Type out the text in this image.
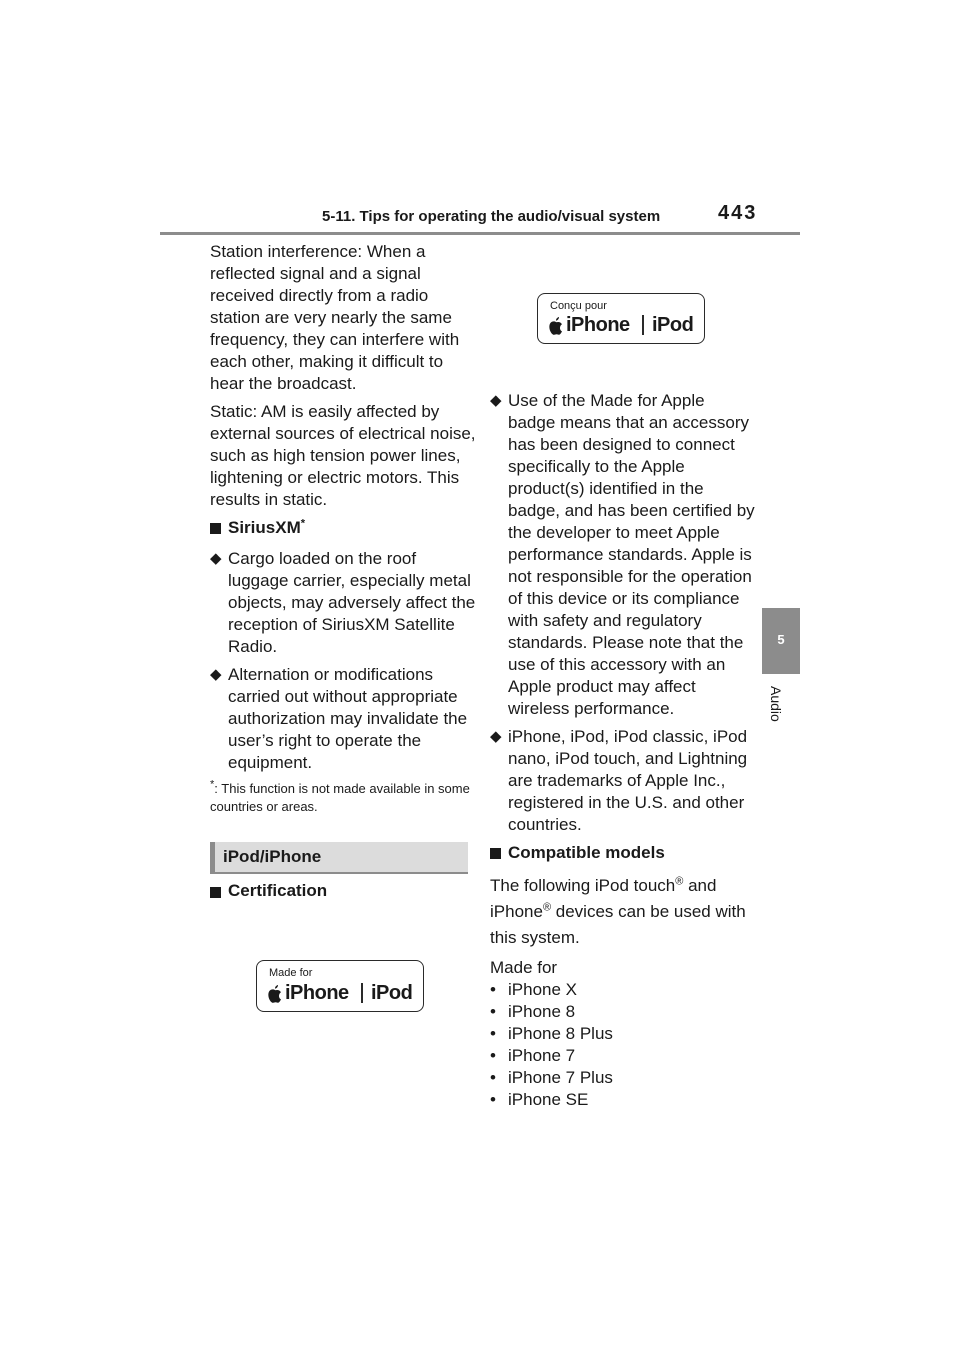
5-11. Tips for operating the audio/visual system	443
5
Audio

Station interference: When a reflected signal and a signal received directly from a radio station are very nearly the same frequency, they can interfere with each other, making it difficult to hear the broadcast.

Static: AM is easily affected by external sources of electrical noise, such as high tension power lines, lightening or electric motors. This results in static.

SiriusXM*

◆ Cargo loaded on the roof luggage carrier, especially metal objects, may adversely affect the reception of SiriusXM Satellite Radio.

◆ Alternation or modifications carried out without appropriate authorization may invalidate the user’s right to operate the equipment.

*: This function is not made available in some countries or areas.

iPod/iPhone
Certification
Made for
iPhone iPod
Conçu pour
iPhone iPod

◆ Use of the Made for Apple badge means that an accessory has been designed to connect specifically to the Apple product(s) identified in the badge, and has been certified by the developer to meet Apple performance standards. Apple is not responsible for the operation of this device or its compliance with safety and regulatory standards. Please note that the use of this accessory with an Apple product may affect wireless performance.

◆ iPhone, iPod, iPod classic, iPod nano, iPod touch, and Lightning are trademarks of Apple Inc., registered in the U.S. and other countries.

Compatible models

The following iPod touch® and iPhone® devices can be used with this system.

Made for

• iPhone X

• iPhone 8

• iPhone 8 Plus

• iPhone 7

• iPhone 7 Plus

• iPhone SE
